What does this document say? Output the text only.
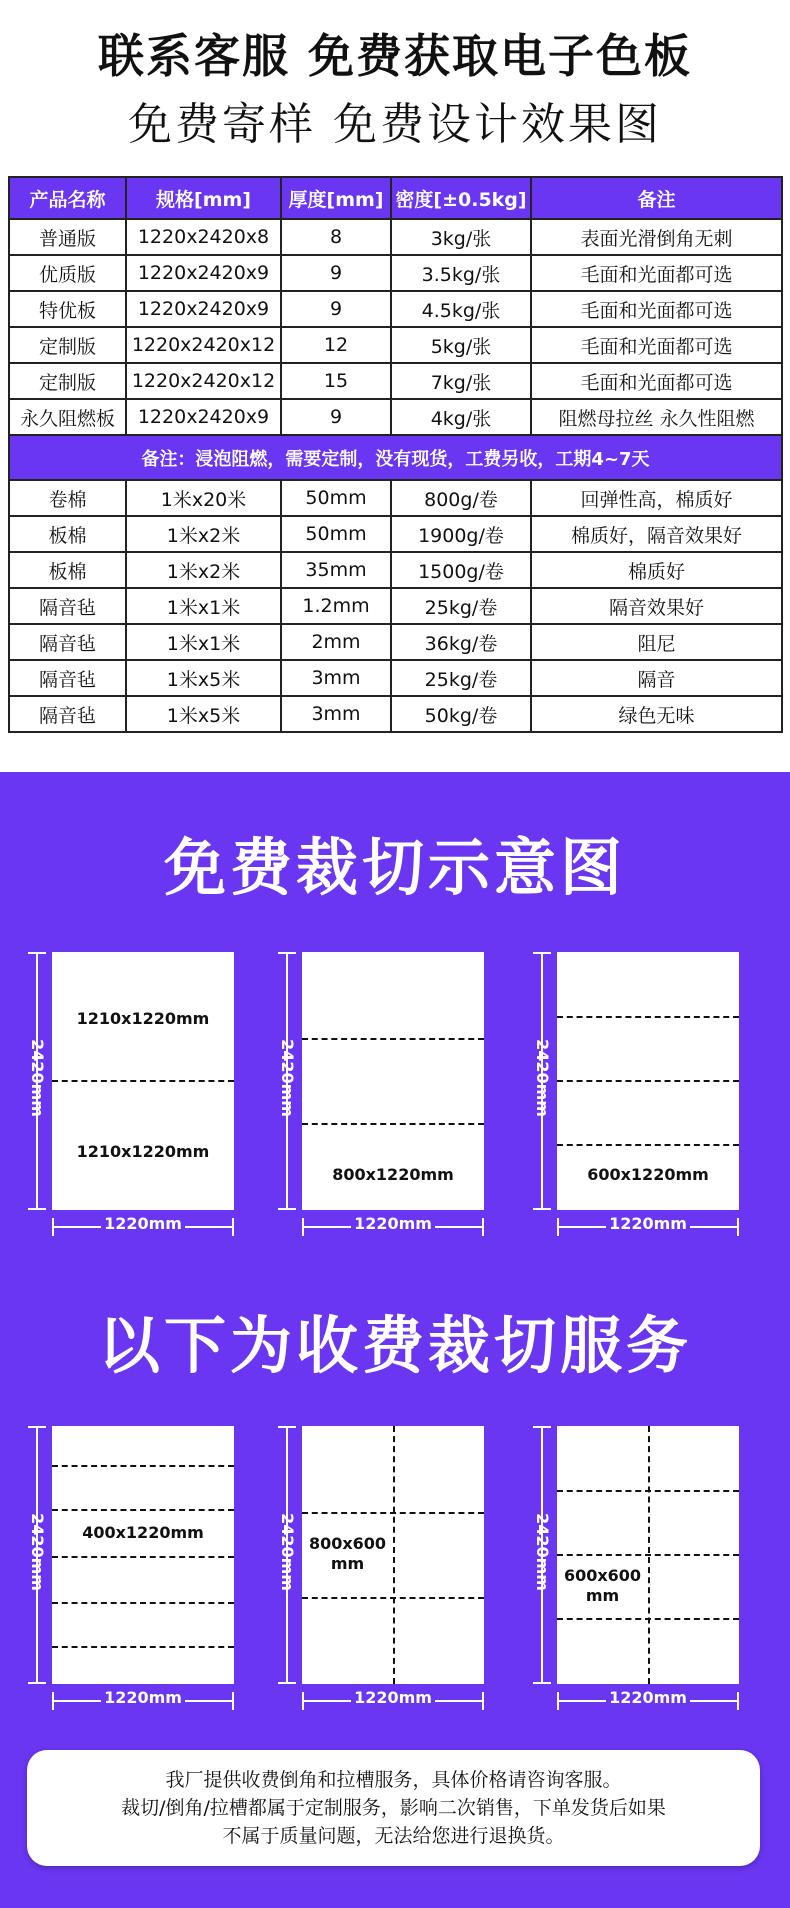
联系客服 免费获取电子色板
免费寄样 免费设计效果图
产品名称	规格[mm]	厚度[mm]	密度[±0.5kg]	备注
普通版	1220x2420x8	8	3kg/张	表面光滑倒角无刺
优质版	1220x2420x9	9	3.5kg/张	毛面和光面都可选
特优板	1220x2420x9	9	4.5kg/张	毛面和光面都可选
定制版	1220x2420x12	12	5kg/张	毛面和光面都可选
定制版	1220x2420x12	15	7kg/张	毛面和光面都可选
永久阻燃板	1220x2420x9	9	4kg/张	阻燃母拉丝 永久性阻燃
备注：浸泡阻燃，需要定制，没有现货，工费另收，工期4~7天				
卷棉	1米x20米	50mm	800g/卷	回弹性高，棉质好
板棉	1米x2米	50mm	1900g/卷	棉质好，隔音效果好
板棉	1米x2米	35mm	1500g/卷	棉质好
隔音毡	1米x1米	1.2mm	25kg/卷	隔音效果好
隔音毡	1米x1米	2mm	36kg/卷	阻尼
隔音毡	1米x5米	3mm	25kg/卷	隔音
隔音毡	1米x5米	3mm	50kg/卷	绿色无味
免费裁切示意图
2420mm
1210x1220mm
1210x1220mm
1220mm
2420mm
800x1220mm
1220mm
2420mm
600x1220mm
1220mm
以下为收费裁切服务
2420mm	400x1220mm
1220mm
2420mm 800x600
mm
1220mm
2420mm 600x600
mm
1220mm
我厂提供收费倒角和拉槽服务，具体价格请咨询客服。
裁切/倒角/拉槽都属于定制服务，影响二次销售，下单发货后如果
不属于质量问题，无法给您进行退换货。
